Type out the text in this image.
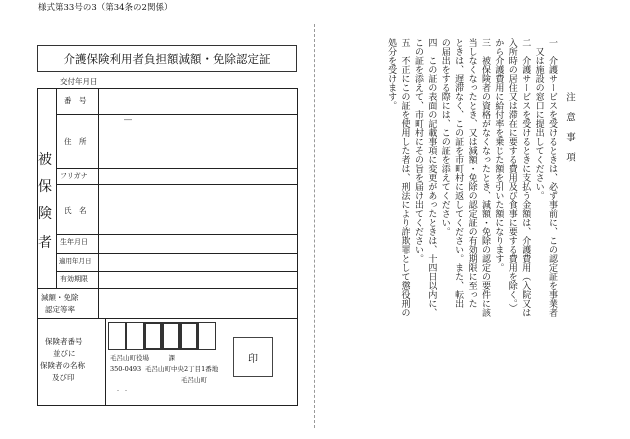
様式第33号の3（第34条の2関係）
介護保険利用者負担額減額・免除認定証
交付年月日
被
保
険
者
番　号
住　所
―
フリガナ
氏　名
生年月日
適用年月日
有効期限
減額・免除
認定等率
保険者番号
並びに
保険者の名称
及び印
毛呂山町役場　　　課
350-0493 毛呂山町中央2丁目1番地
毛呂山町
-　-
印
注　意　事　項
一　介護サービスを受けるときは、必ず事前に、この認定証を事業者
　又は施設の窓口に提出してください。
二　介護サービスを受けるときに支払う金額は、介護費用（入院又は
入所時の居住又は滞在に要する費用及び食事に要する費用を除く。）
から介護費用に給付率を乗じた額を引いた額になります。
三　被保険者の資格がなくなったとき、減額・免除の認定の要件に該
当しなくなったとき、又は減額・免除の認定証の有効期限に至った
ときは、遅滞なく、この証を市町村に返してください。また、転出
の届出をする際には、この証を添えてください。
四　この証の表面の記載事項に変更があったときは、十四日以内に、
この証を添えて、市町村にその旨を届け出てください。
五　不正にこの証を使用した者は、刑法により詐欺罪として懲役刑の
処分を受けます。
